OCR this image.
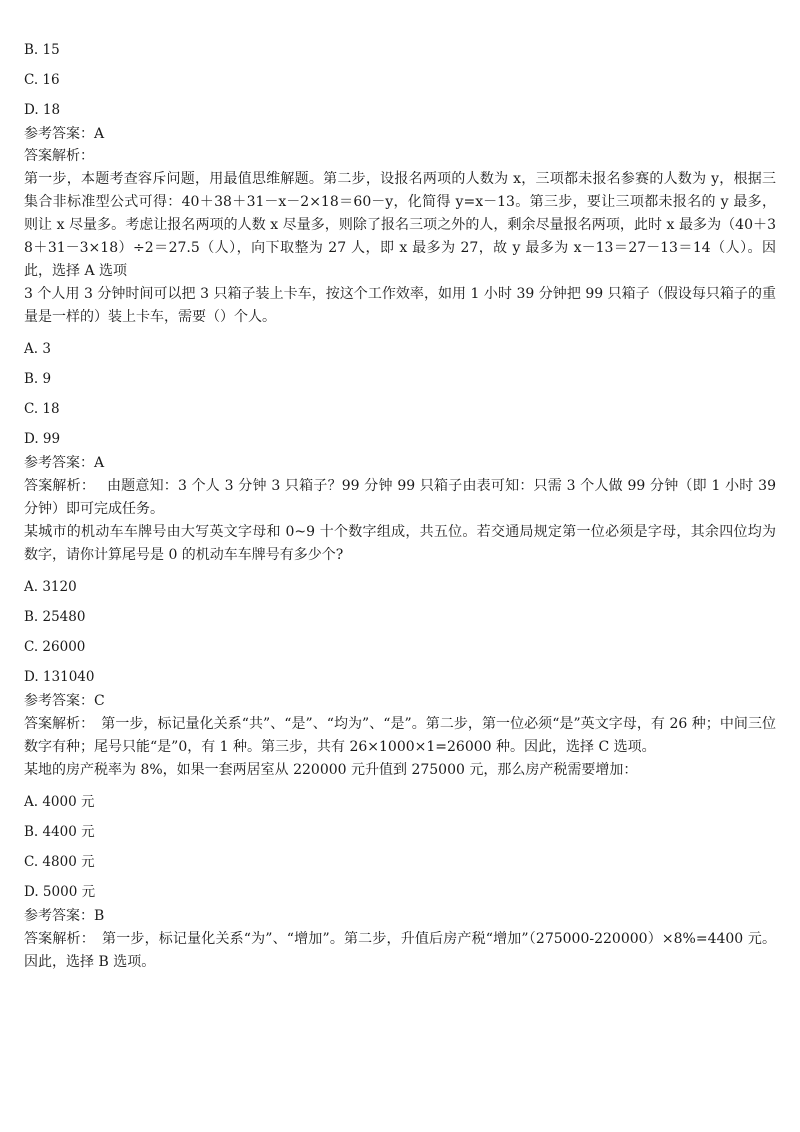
B. 15

C. 16

D. 18

参考答案：A

答案解析：

第一步，本题考查容斥问题，用最值思维解题。第二步，设报名两项的人数为 x，三项都未报名参赛的人数为 y，根据三集合非标准型公式可得：40＋38＋31－x－2×18＝60－y，化简得 y=x－13。第三步，要让三项都未报名的 y 最多，则让 x 尽量多。考虑让报名两项的人数 x 尽量多，则除了报名三项之外的人，剩余尽量报名两项，此时 x 最多为（40＋38＋31－3×18）÷2＝27.5（人），向下取整为 27 人，即 x 最多为 27，故 y 最多为 x－13＝27－13＝14（人）。因此，选择 A 选项

3 个人用 3 分钟时间可以把 3 只箱子装上卡车，按这个工作效率，如用 1 小时 39 分钟把 99 只箱子（假设每只箱子的重量是一样的）装上卡车，需要（）个人。

A. 3

B. 9

C. 18

D. 99

参考答案：A

答案解析：　 由题意知：3 个人 3 分钟 3 只箱子？99 分钟 99 只箱子由表可知：只需 3 个人做 99 分钟（即 1 小时 39 分钟）即可完成任务。

某城市的机动车车牌号由大写英文字母和 0~9 十个数字组成，共五位。若交通局规定第一位必须是字母，其余四位均为数字，请你计算尾号是 0 的机动车车牌号有多少个?

A. 3120

B. 25480

C. 26000

D. 131040

参考答案：C

答案解析：　第一步，标记量化关系“共”、“是”、“均为”、“是”。第二步，第一位必须“是”英文字母，有 26 种；中间三位数字有种；尾号只能“是”0，有 1 种。第三步，共有 26×1000×1=26000 种。因此，选择 C 选项。

某地的房产税率为 8%，如果一套两居室从 220000 元升值到 275000 元，那么房产税需要增加：

A. 4000 元

B. 4400 元

C. 4800 元

D. 5000 元

参考答案：B

答案解析：　第一步，标记量化关系“为”、“增加”。第二步，升值后房产税“增加”（275000-220000）×8%=4400 元。因此，选择 B 选项。
